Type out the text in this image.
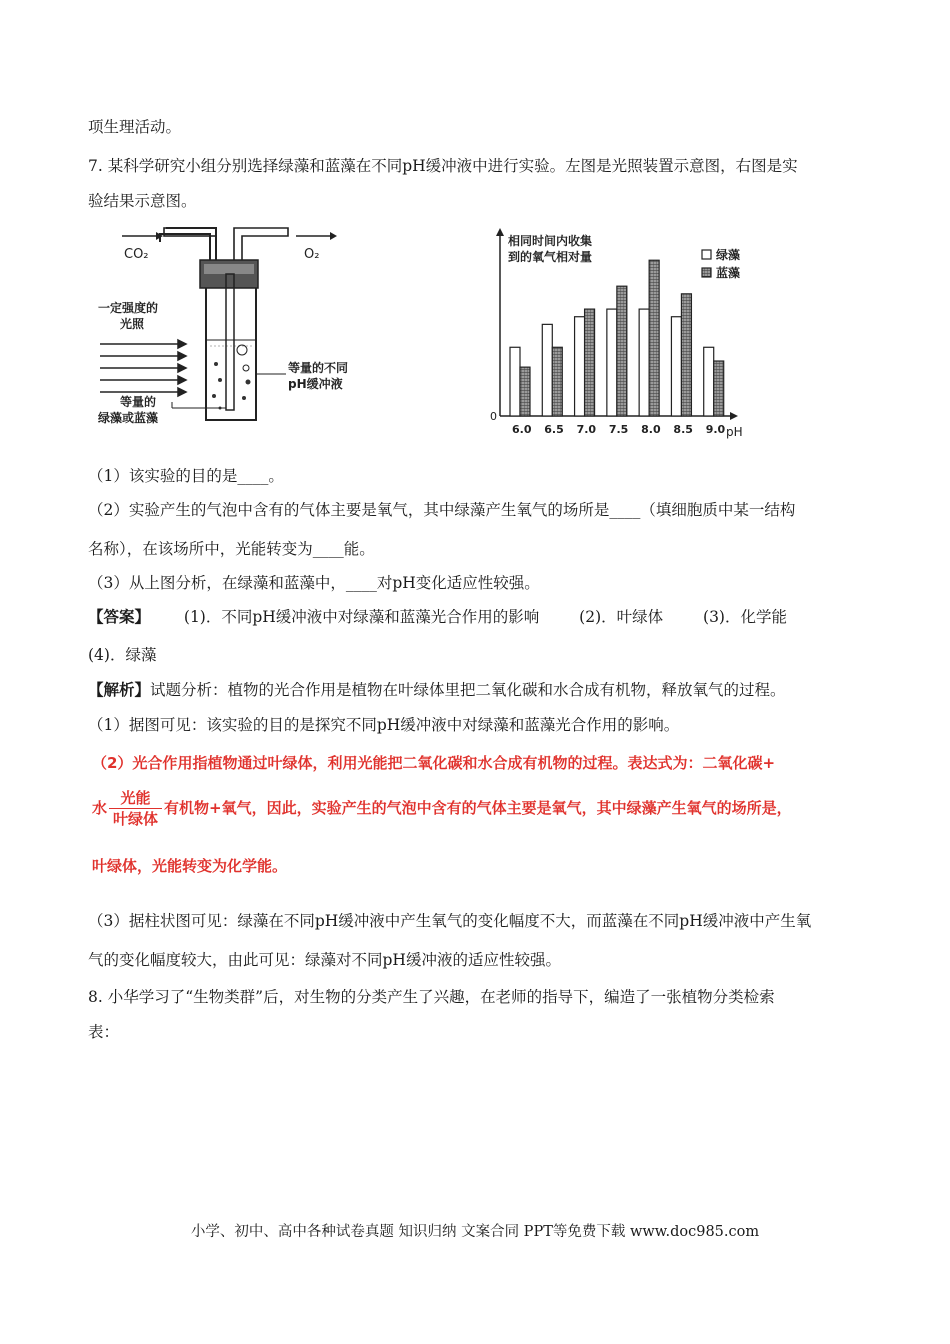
项生理活动。
7. 某科学研究小组分别选择绿藻和蓝藻在不同pH缓冲液中进行实验。左图是光照装置示意图，右图是实
验结果示意图。
CO₂	O₂
一定强度的
光照
等量的不同
pH缓冲液
等量的
绿藻或蓝藻
相同时间内收集
到的氧气相对量
0
pH
绿藻
蓝藻
6.0 6.5 7.0 7.5 8.0 8.5 9.0
（1）该实验的目的是____。
（2）实验产生的气泡中含有的气体主要是氧气，其中绿藻产生氧气的场所是____（填细胞质中某一结构
名称），在该场所中，光能转变为____能。
（3）从上图分析，在绿藻和蓝藻中，____对pH变化适应性较强。
【答案】 (1)．不同pH缓冲液中对绿藻和蓝藻光合作用的影响	(2)．叶绿体	(3)．化学能
(4)．绿藻
【解析】试题分析：植物的光合作用是植物在叶绿体里把二氧化碳和水合成有机物，释放氧气的过程。
（1）据图可见：该实验的目的是探究不同pH缓冲液中对绿藻和蓝藻光合作用的影响。
（2）光合作用指植物通过叶绿体，利用光能把二氧化碳和水合成有机物的过程。表达式为：二氧化碳+
水 $\frac{\text{光能}}{\text{叶绿体}}$ 有机物+氧气，因此，实验产生的气泡中含有的气体主要是氧气，其中绿藻产生氧气的场所是，
叶绿体，光能转变为化学能。
（3）据柱状图可见：绿藻在不同pH缓冲液中产生氧气的变化幅度不大，而蓝藻在不同pH缓冲液中产生氧
气的变化幅度较大，由此可见：绿藻对不同pH缓冲液的适应性较强。
8. 小华学习了“生物类群”后，对生物的分类产生了兴趣，在老师的指导下，编造了一张植物分类检索
表：
小学、初中、高中各种试卷真题 知识归纳 文案合同 PPT等免费下载 www.doc985.com
